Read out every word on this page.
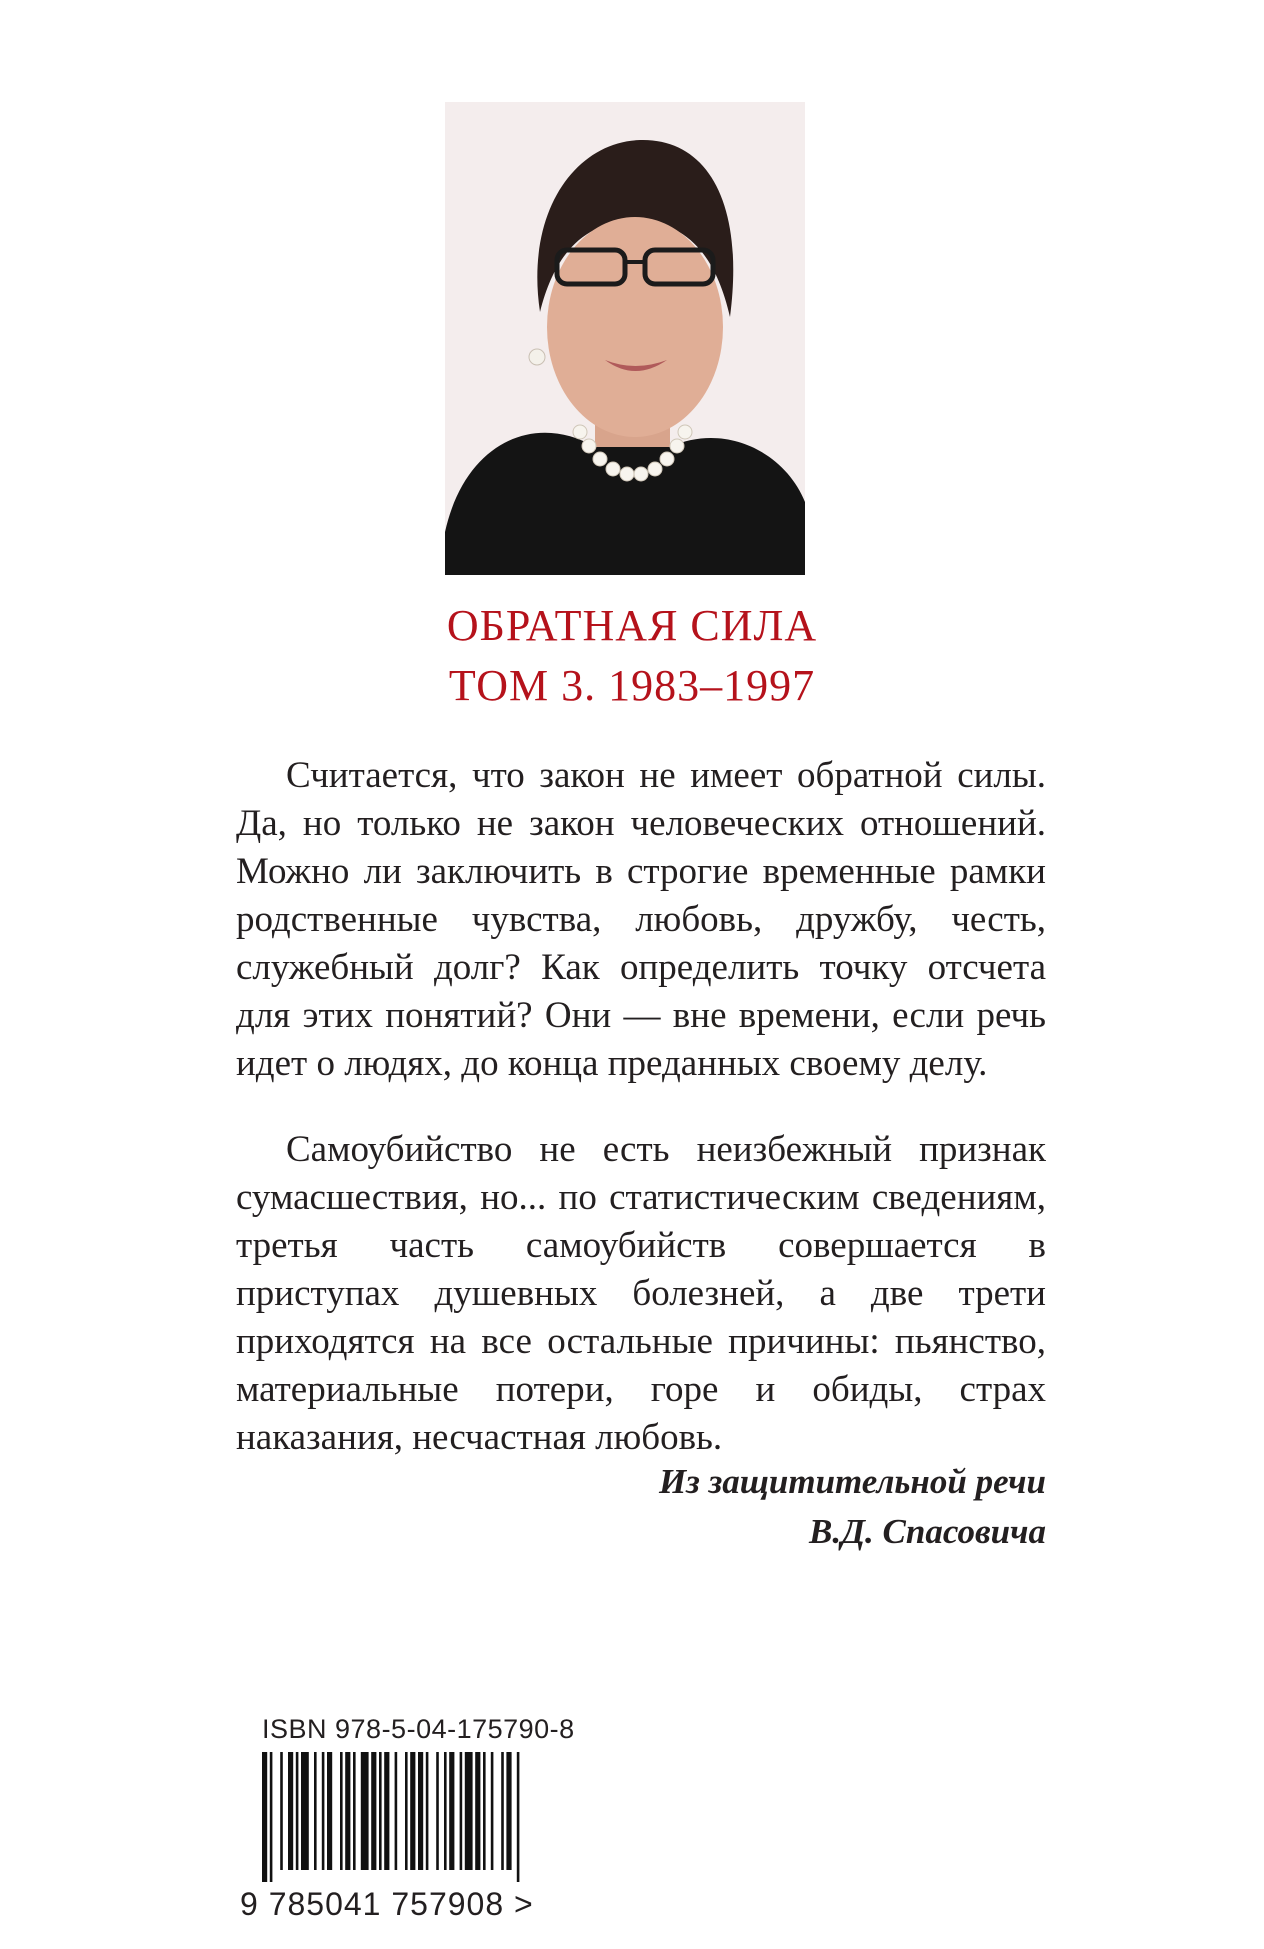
ОБРАТНАЯ СИЛА
ТОМ 3. 1983–1997
Считается, что закон не имеет обратной силы. Да, но только не закон человеческих отношений. Можно ли заключить в строгие временные рамки родственные чувства, любовь, дружбу, честь, служебный долг? Как определить точку отсчета для этих понятий? Они — вне времени, если речь идет о людях, до конца преданных своему делу.
Самоубийство не есть неизбежный признак сумасшествия, но... по статистическим сведениям, третья часть самоубийств совершается в приступах душевных болезней, а две трети приходятся на все остальные причины: пьянство, материальные потери, горе и обиды, страх наказания, несчастная любовь.
Из защитительной речи
В.Д. Спасовича
ISBN 978-5-04-175790-8
9 785041 757908 >
